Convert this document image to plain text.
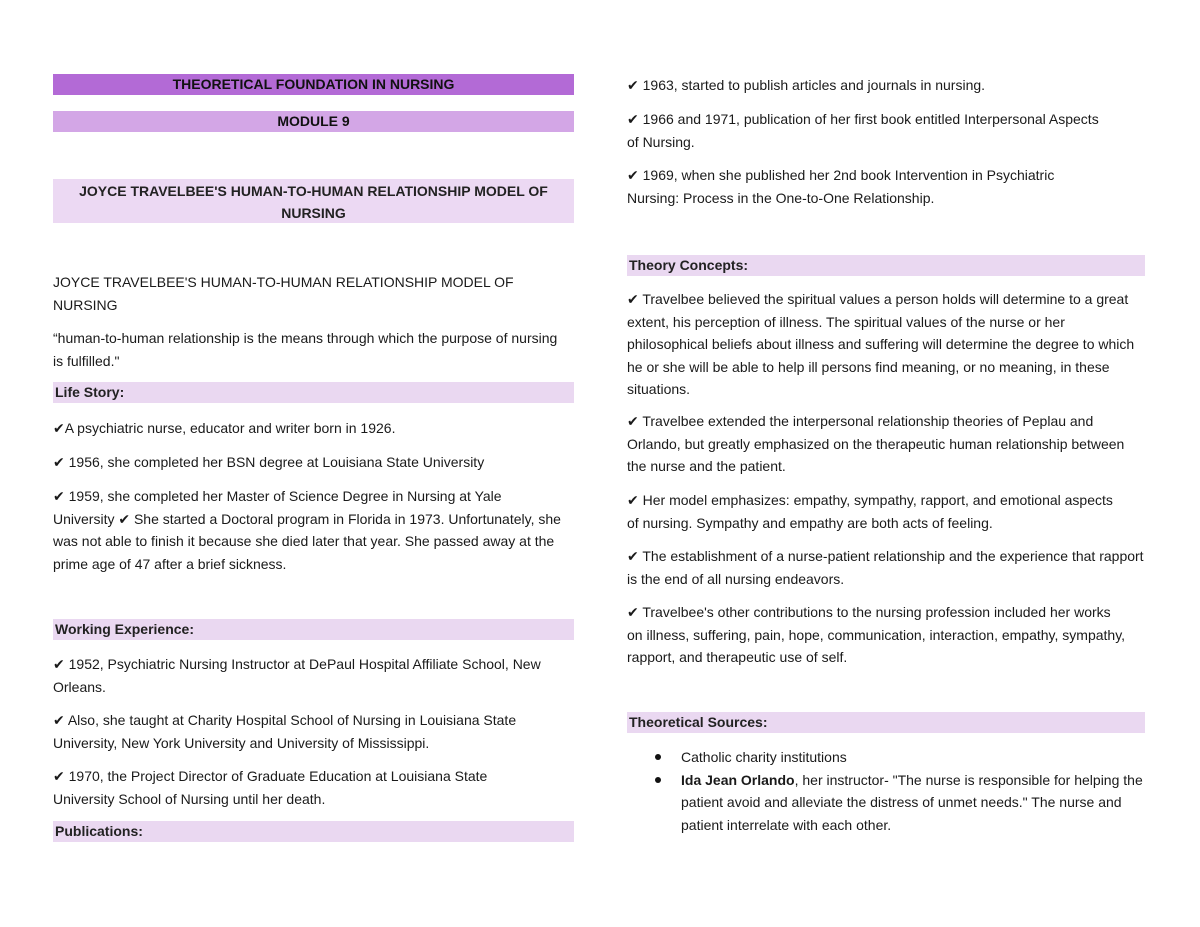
THEORETICAL FOUNDATION IN NURSING
MODULE 9
JOYCE TRAVELBEE'S HUMAN-TO-HUMAN RELATIONSHIP MODEL OF NURSING

JOYCE TRAVELBEE'S HUMAN-TO-HUMAN RELATIONSHIP MODEL OF NURSING

“human-to-human relationship is the means through which the purpose of nursing is fulfilled."

Life Story:

✔A psychiatric nurse, educator and writer born in 1926.

✔ 1956, she completed her BSN degree at Louisiana State University

✔ 1959, she completed her Master of Science Degree in Nursing at Yale University ✔ She started a Doctoral program in Florida in 1973. Unfortunately, she was not able to finish it because she died later that year. She passed away at the prime age of 47 after a brief sickness.

Working Experience:

✔ 1952, Psychiatric Nursing Instructor at DePaul Hospital Affiliate School, New Orleans.

✔ Also, she taught at Charity Hospital School of Nursing in Louisiana State University, New York University and University of Mississippi.

✔ 1970, the Project Director of Graduate Education at Louisiana State University School of Nursing until her death.

Publications:

✔ 1963, started to publish articles and journals in nursing.

✔ 1966 and 1971, publication of her first book entitled Interpersonal Aspects of Nursing.

✔ 1969, when she published her 2nd book Intervention in Psychiatric Nursing: Process in the One-to-One Relationship.

Theory Concepts:

✔ Travelbee believed the spiritual values a person holds will determine to a great extent, his perception of illness. The spiritual values of the nurse or her philosophical beliefs about illness and suffering will determine the degree to which he or she will be able to help ill persons find meaning, or no meaning, in these situations.

✔ Travelbee extended the interpersonal relationship theories of Peplau and Orlando, but greatly emphasized on the therapeutic human relationship between the nurse and the patient.

✔ Her model emphasizes: empathy, sympathy, rapport, and emotional aspects of nursing. Sympathy and empathy are both acts of feeling.

✔ The establishment of a nurse-patient relationship and the experience that rapport is the end of all nursing endeavors.

✔ Travelbee's other contributions to the nursing profession included her works on illness, suffering, pain, hope, communication, interaction, empathy, sympathy, rapport, and therapeutic use of self.

Theoretical Sources:
Catholic charity institutions
Ida Jean Orlando, her instructor- "The nurse is responsible for helping the patient avoid and alleviate the distress of unmet needs." The nurse and patient interrelate with each other.
